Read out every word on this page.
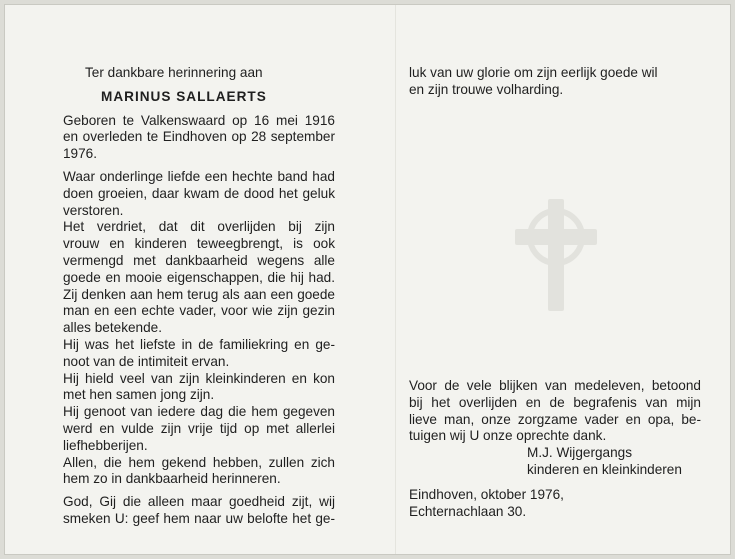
Ter dankbare herinnering aan
MARINUS SALLAERTS
Geboren te Valkenswaard op 16 mei 1916
en overleden te Eindhoven op 28 september
1976.
Waar onderlinge liefde een hechte band had
doen groeien, daar kwam de dood het geluk
verstoren.
Het verdriet, dat dit overlijden bij zijn
vrouw en kinderen teweegbrengt, is ook
vermengd met dankbaarheid wegens alle
goede en mooie eigenschappen, die hij had.
Zij denken aan hem terug als aan een goede
man en een echte vader, voor wie zijn gezin
alles betekende.
Hij was het liefste in de familiekring en ge-
noot van de intimiteit ervan.
Hij hield veel van zijn kleinkinderen en kon
met hen samen jong zijn.
Hij genoot van iedere dag die hem gegeven
werd en vulde zijn vrije tijd op met allerlei
liefhebberijen.
Allen, die hem gekend hebben, zullen zich
hem zo in dankbaarheid herinneren.
God, Gij die alleen maar goedheid zijt, wij
smeken U: geef hem naar uw belofte het ge-
luk van uw glorie om zijn eerlijk goede wil
en zijn trouwe volharding.
Voor de vele blijken van medeleven, betoond
bij het overlijden en de begrafenis van mijn
lieve man, onze zorgzame vader en opa, be-
tuigen wij U onze oprechte dank.
M.J. Wijgergangs
kinderen en kleinkinderen
Eindhoven, oktober 1976,
Echternachlaan 30.
